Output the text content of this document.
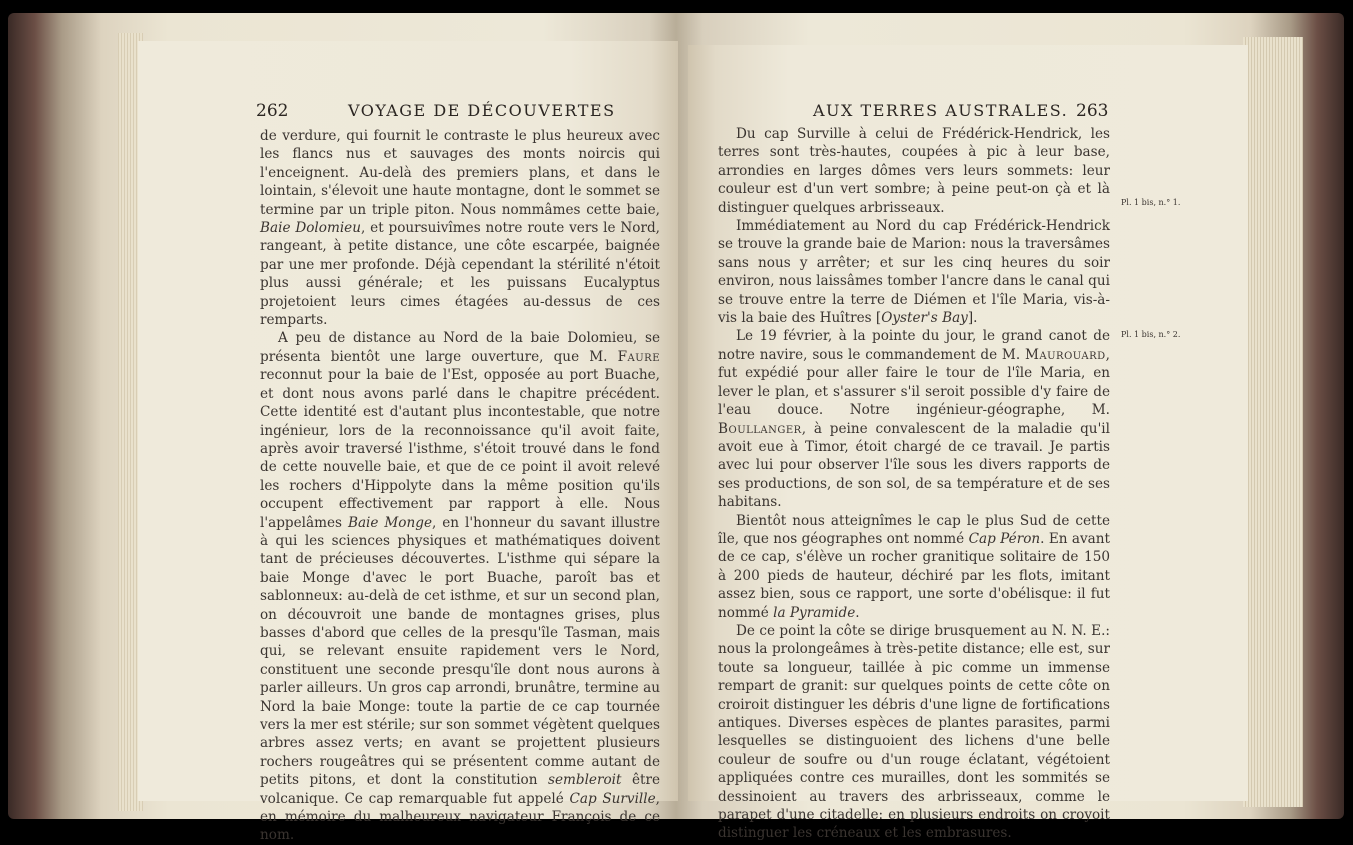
262	VOYAGE DE DÉCOUVERTES

de verdure, qui fournit le contraste le plus heureux avec les flancs nus et sauvages des monts noircis qui l'enceignent. Au-delà des premiers plans, et dans le lointain, s'élevoit une haute montagne, dont le sommet se termine par un triple piton. Nous nommâmes cette baie, Baie Dolomieu, et poursuivîmes notre route vers le Nord, rangeant, à petite distance, une côte escarpée, baignée par une mer profonde. Déjà cependant la stérilité n'étoit plus aussi générale; et les puissans Eucalyptus projetoient leurs cimes étagées au-dessus de ces remparts.

A peu de distance au Nord de la baie Dolomieu, se présenta bientôt une large ouverture, que M. Faure reconnut pour la baie de l'Est, opposée au port Buache, et dont nous avons parlé dans le chapitre précédent. Cette identité est d'autant plus incontestable, que notre ingénieur, lors de la reconnoissance qu'il avoit faite, après avoir traversé l'isthme, s'étoit trouvé dans le fond de cette nouvelle baie, et que de ce point il avoit relevé les rochers d'Hippolyte dans la même position qu'ils occupent effectivement par rapport à elle. Nous l'appelâmes Baie Monge, en l'honneur du savant illustre à qui les sciences physiques et mathématiques doivent tant de précieuses découvertes. L'isthme qui sépare la baie Monge d'avec le port Buache, paroît bas et sablonneux: au-delà de cet isthme, et sur un second plan, on découvroit une bande de montagnes grises, plus basses d'abord que celles de la presqu'île Tasman, mais qui, se relevant ensuite rapidement vers le Nord, constituent une seconde presqu'île dont nous aurons à parler ailleurs. Un gros cap arrondi, brunâtre, termine au Nord la baie Monge: toute la partie de ce cap tournée vers la mer est stérile; sur son sommet végètent quelques arbres assez verts; en avant se projettent plusieurs rochers rougeâtres qui se présentent comme autant de petits pitons, et dont la constitution sembleroit être volcanique. Ce cap remarquable fut appelé Cap Surville, en mémoire du malheureux navigateur François de ce nom.

AUX TERRES AUSTRALES. 263

Du cap Surville à celui de Frédérick-Hendrick, les terres sont très-hautes, coupées à pic à leur base, arrondies en larges dômes vers leurs sommets: leur couleur est d'un vert sombre; à peine peut-on çà et là distinguer quelques arbrisseaux.

Immédiatement au Nord du cap Frédérick-Hendrick se trouve la grande baie de Marion: nous la traversâmes sans nous y arrêter; et sur les cinq heures du soir environ, nous laissâmes tomber l'ancre dans le canal qui se trouve entre la terre de Diémen et l'île Maria, vis-à-vis la baie des Huîtres [Oyster's Bay].

Le 19 février, à la pointe du jour, le grand canot de notre navire, sous le commandement de M. Maurouard, fut expédié pour aller faire le tour de l'île Maria, en lever le plan, et s'assurer s'il seroit possible d'y faire de l'eau douce. Notre ingénieur-géographe, M. Boullanger, à peine convalescent de la maladie qu'il avoit eue à Timor, étoit chargé de ce travail. Je partis avec lui pour observer l'île sous les divers rapports de ses productions, de son sol, de sa température et de ses habitans.

Bientôt nous atteignîmes le cap le plus Sud de cette île, que nos géographes ont nommé Cap Péron. En avant de ce cap, s'élève un rocher granitique solitaire de 150 à 200 pieds de hauteur, déchiré par les flots, imitant assez bien, sous ce rapport, une sorte d'obélisque: il fut nommé la Pyramide.

De ce point la côte se dirige brusquement au N. N. E.: nous la prolongeâmes à très-petite distance; elle est, sur toute sa longueur, taillée à pic comme un immense rempart de granit: sur quelques points de cette côte on croiroit distinguer les débris d'une ligne de fortifications antiques. Diverses espèces de plantes parasites, parmi lesquelles se distinguoient des lichens d'une belle couleur de soufre ou d'un rouge éclatant, végétoient appliquées contre ces murailles, dont les sommités se dessinoient au travers des arbrisseaux, comme le parapet d'une citadelle: en plusieurs endroits on croyoit distinguer les créneaux et les embrasures.

Pl. 1 bis, n.° 1.
Pl. 1 bis, n.° 2.
